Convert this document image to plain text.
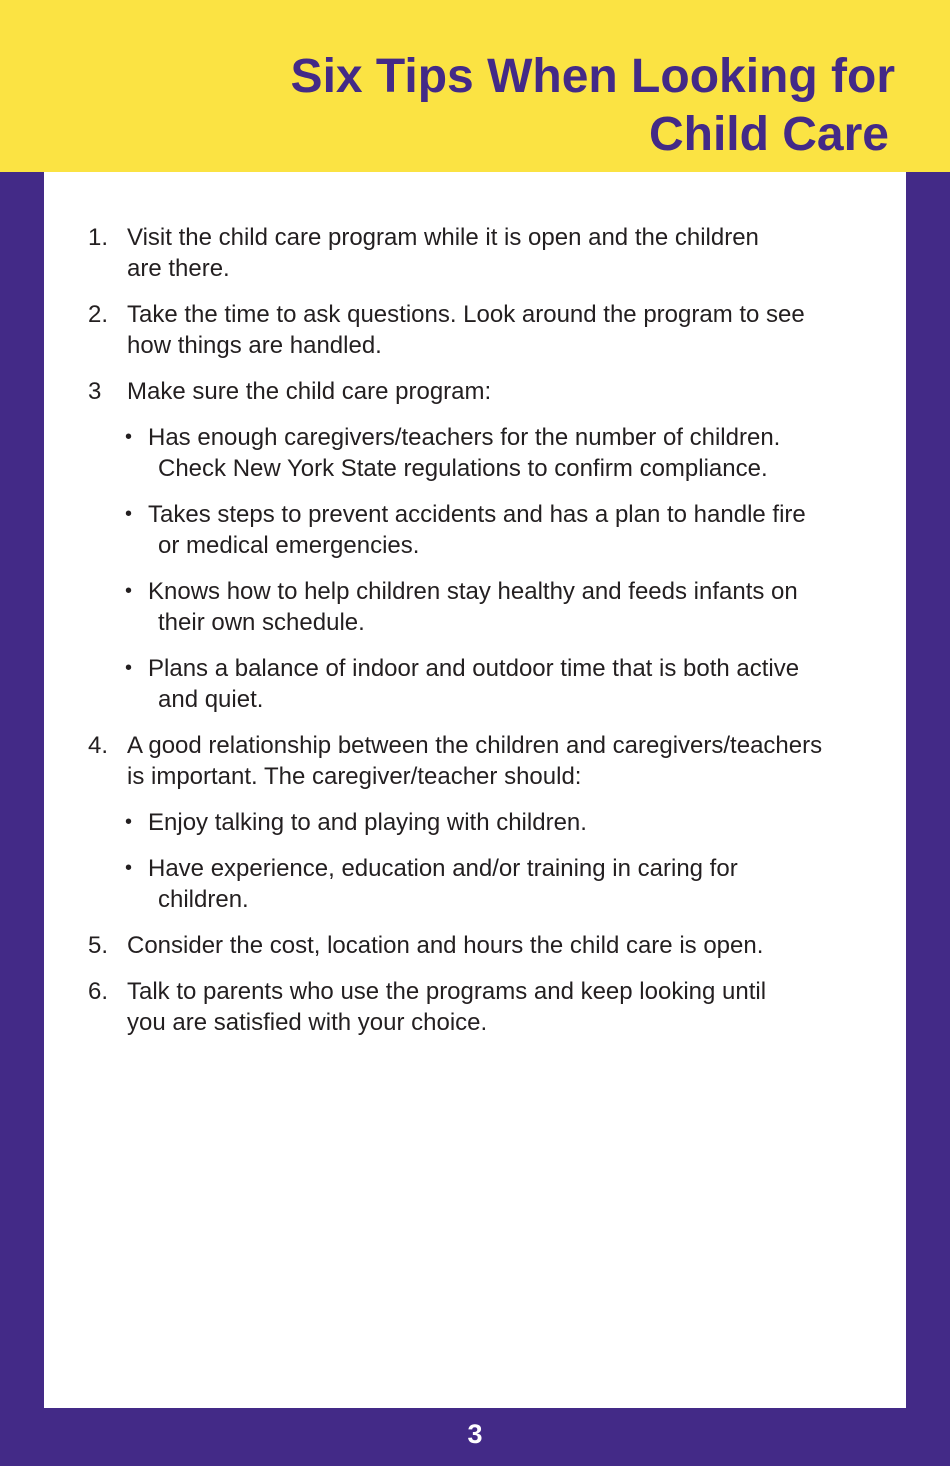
Six Tips When Looking for

Child Care
1. Visit the child care program while it is open and the children
are there.
2. Take the time to ask questions. Look around the program to see
how things are handled.
3 Make sure the child care program:
• Has enough caregivers/teachers for the number of children.
Check New York State regulations to confirm compliance.
• Takes steps to prevent accidents and has a plan to handle fire
or medical emergencies.
• Knows how to help children stay healthy and feeds infants on
their own schedule.
• Plans a balance of indoor and outdoor time that is both active
and quiet.
4. A good relationship between the children and caregivers/teachers
is important. The caregiver/teacher should:
• Enjoy talking to and playing with children.
• Have experience, education and/or training in caring for
children.
5. Consider the cost, location and hours the child care is open.
6. Talk to parents who use the programs and keep looking until
you are satisfied with your choice.
3
